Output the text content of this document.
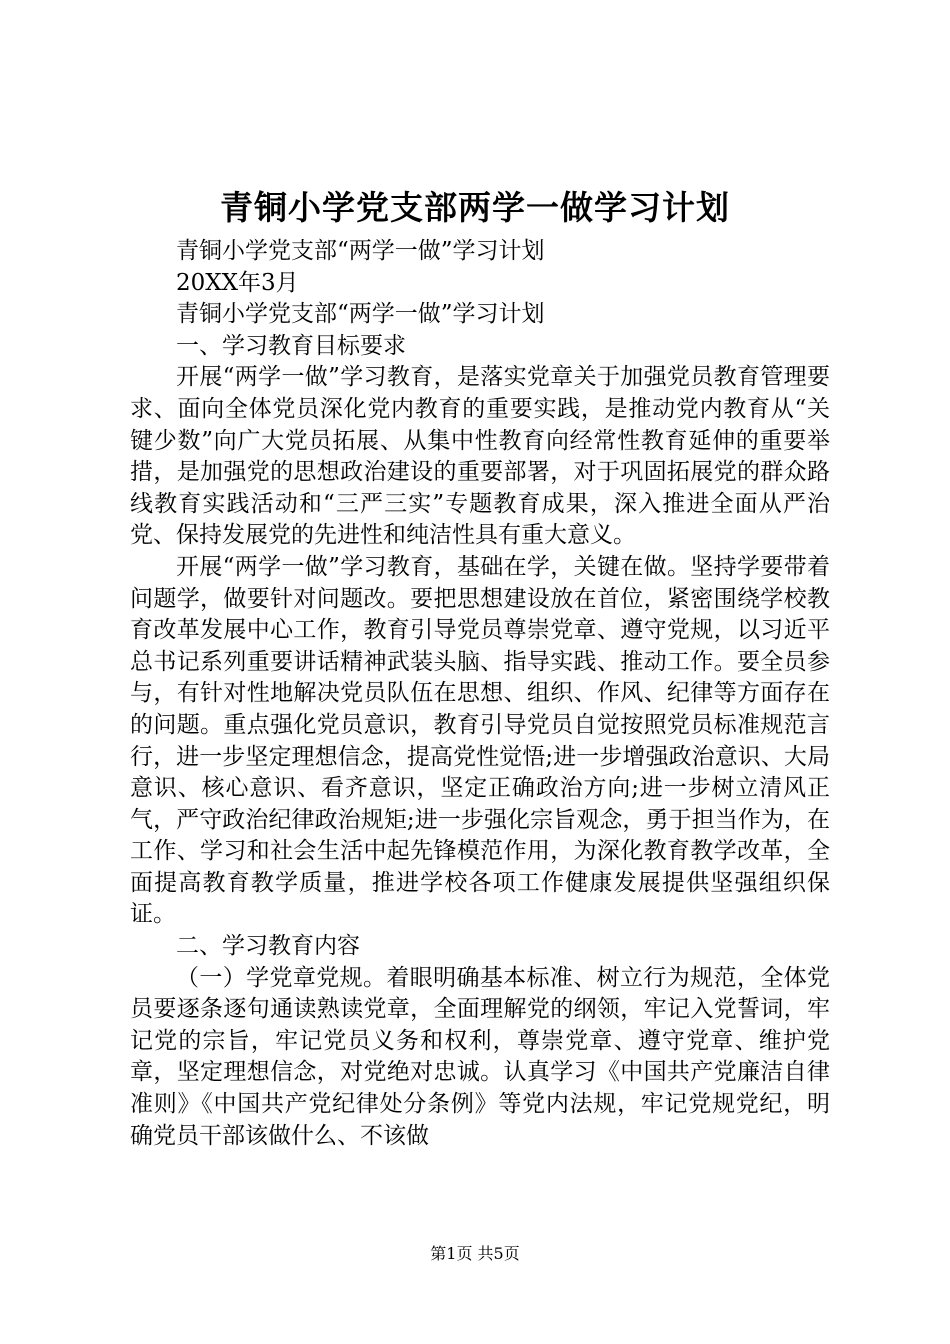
青铜小学党支部两学一做学习计划

青铜小学党支部“两学一做”学习计划

20XX年3月

青铜小学党支部“两学一做”学习计划

一、学习教育目标要求

开展“两学一做”学习教育，是落实党章关于加强党员教育管理要求、面向全体党员深化党内教育的重要实践，是推动党内教育从“关键少数”向广大党员拓展、从集中性教育向经常性教育延伸的重要举措，是加强党的思想政治建设的重要部署，对于巩固拓展党的群众路线教育实践活动和“三严三实”专题教育成果，深入推进全面从严治党、保持发展党的先进性和纯洁性具有重大意义。

开展“两学一做”学习教育，基础在学，关键在做。坚持学要带着问题学，做要针对问题改。要把思想建设放在首位，紧密围绕学校教育改革发展中心工作，教育引导党员尊崇党章、遵守党规，以习近平总书记系列重要讲话精神武装头脑、指导实践、推动工作。要全员参与，有针对性地解决党员队伍在思想、组织、作风、纪律等方面存在的问题。重点强化党员意识，教育引导党员自觉按照党员标准规范言行，进一步坚定理想信念，提高党性觉悟;进一步增强政治意识、大局意识、核心意识、看齐意识，坚定正确政治方向;进一步树立清风正气，严守政治纪律政治规矩;进一步强化宗旨观念，勇于担当作为，在工作、学习和社会生活中起先锋模范作用，为深化教育教学改革，全面提高教育教学质量，推进学校各项工作健康发展提供坚强组织保证。

二、学习教育内容

（一）学党章党规。着眼明确基本标准、树立行为规范，全体党员要逐条逐句通读熟读党章，全面理解党的纲领，牢记入党誓词，牢记党的宗旨，牢记党员义务和权利，尊崇党章、遵守党章、维护党章，坚定理想信念，对党绝对忠诚。认真学习《中国共产党廉洁自律准则》《中国共产党纪律处分条例》等党内法规，牢记党规党纪，明确党员干部该做什么、不该做

第1页 共5页
